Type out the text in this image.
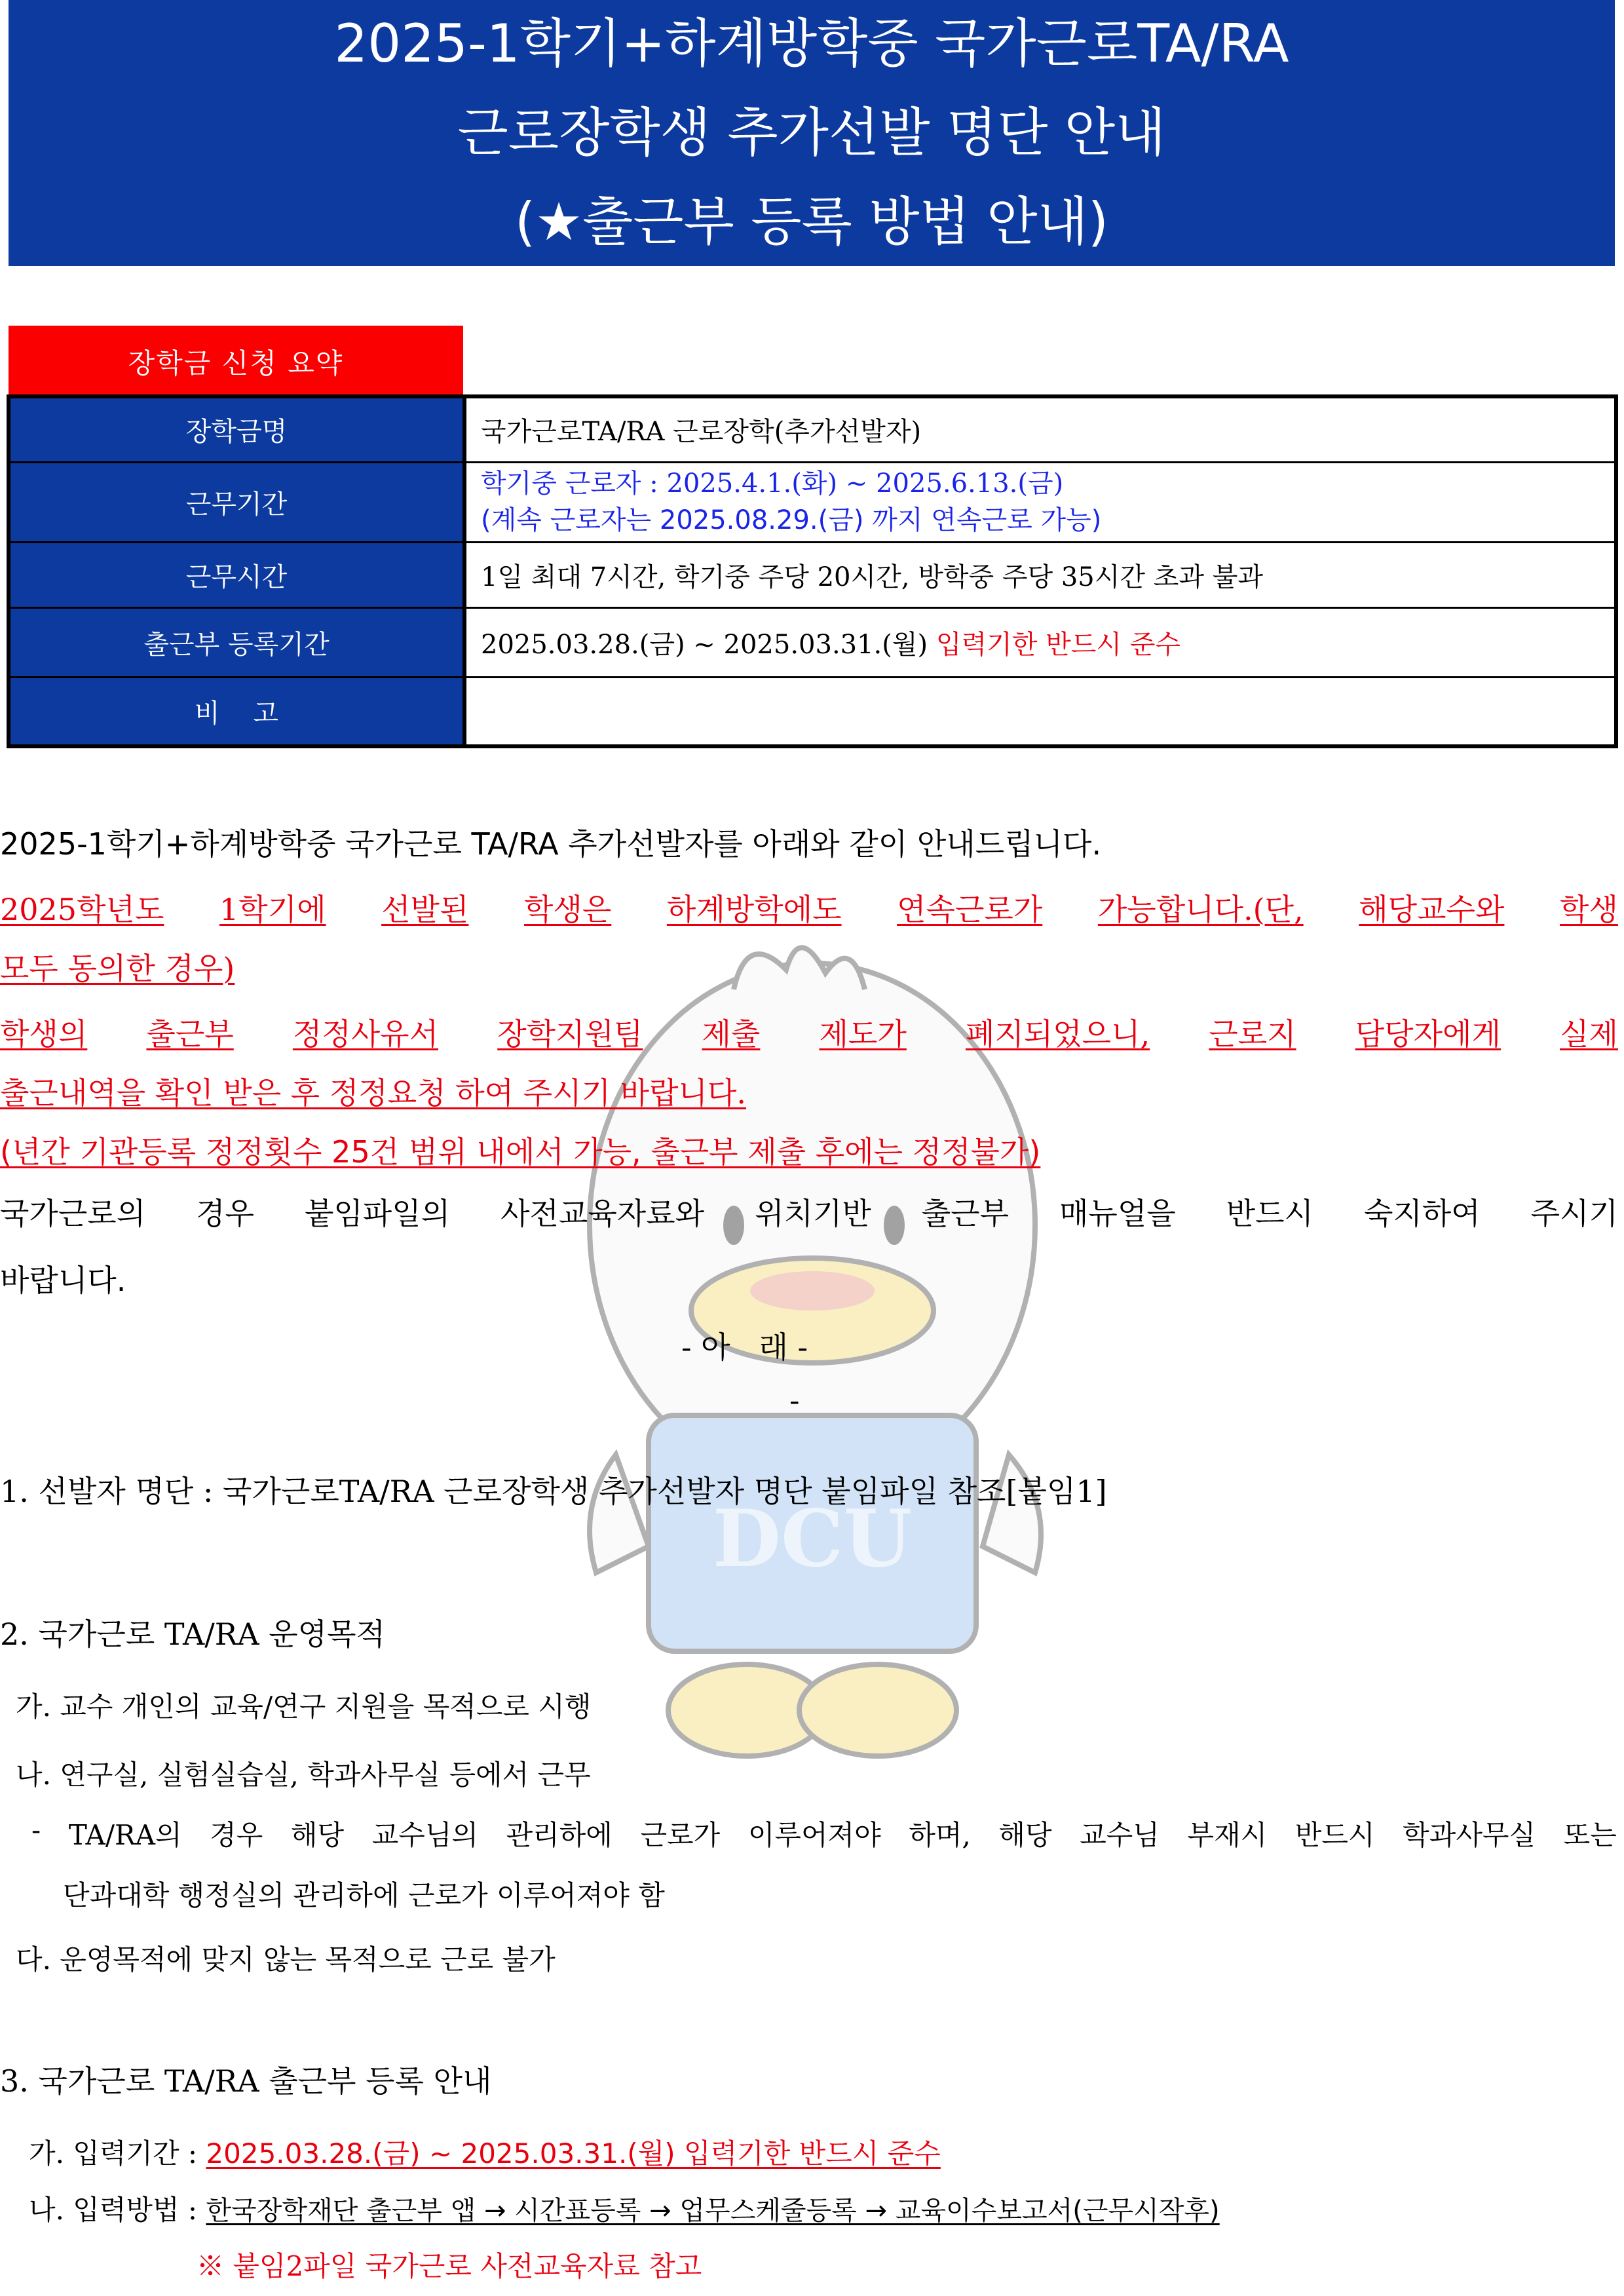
DCU
2025-1학기+하계방학중 국가근로TA/RA
근로장학생 추가선발 명단 안내
(★출근부 등록 방법 안내)
장학금 신청 요약
장학금명	국가근로TA/RA 근로장학(추가선발자)
근무기간	학기중 근로자 : 2025.4.1.(화) ~ 2025.6.13.(금)
(계속 근로자는 2025.08.29.(금) 까지 연속근로 가능)

근무시간	1일 최대 7시간, 학기중 주당 20시간, 방학중 주당 35시간 초과 불과
출근부 등록기간	2025.03.28.(금) ~ 2025.03.31.(월) 입력기한 반드시 준수
비    고	
2025-1학기+하계방학중 국가근로 TA/RA 추가선발자를 아래와 같이 안내드립니다.
2025학년도 1학기에 선발된 학생은 하계방학에도 연속근로가 가능합니다.(단, 해당교수와 학생
모두 동의한 경우)
학생의 출근부 정정사유서 장학지원팀 제출 제도가 폐지되었으니, 근로지 담당자에게 실제
출근내역을 확인 받은 후 정정요청 하여 주시기 바랍니다.
(년간 기관등록 정정횟수 25건 범위 내에서 가능, 출근부 제출 후에는 정정불가)
국가근로의 경우 붙임파일의 사전교육자료와 위치기반 출근부 매뉴얼을 반드시 숙지하여 주시기
바랍니다.
- 아   래 -
-
1. 선발자 명단 : 국가근로TA/RA 근로장학생 추가선발자 명단 붙임파일 참조[붙임1]
2. 국가근로 TA/RA 운영목적
가. 교수 개인의 교육/연구 지원을 목적으로 시행
나. 연구실, 실험실습실, 학과사무실 등에서 근무
- TA/RA의 경우 해당 교수님의 관리하에 근로가 이루어져야 하며, 해당 교수님 부재시 반드시 학과사무실 또는
단과대학 행정실의 관리하에 근로가 이루어져야 함
다. 운영목적에 맞지 않는 목적으로 근로 불가
3. 국가근로 TA/RA 출근부 등록 안내
가. 입력기간 : 2025.03.28.(금) ~ 2025.03.31.(월) 입력기한 반드시 준수
나. 입력방법 : 한국장학재단 출근부 앱 → 시간표등록 → 업무스케줄등록 → 교육이수보고서(근무시작후)
※ 붙임2파일 국가근로 사전교육자료 참고
